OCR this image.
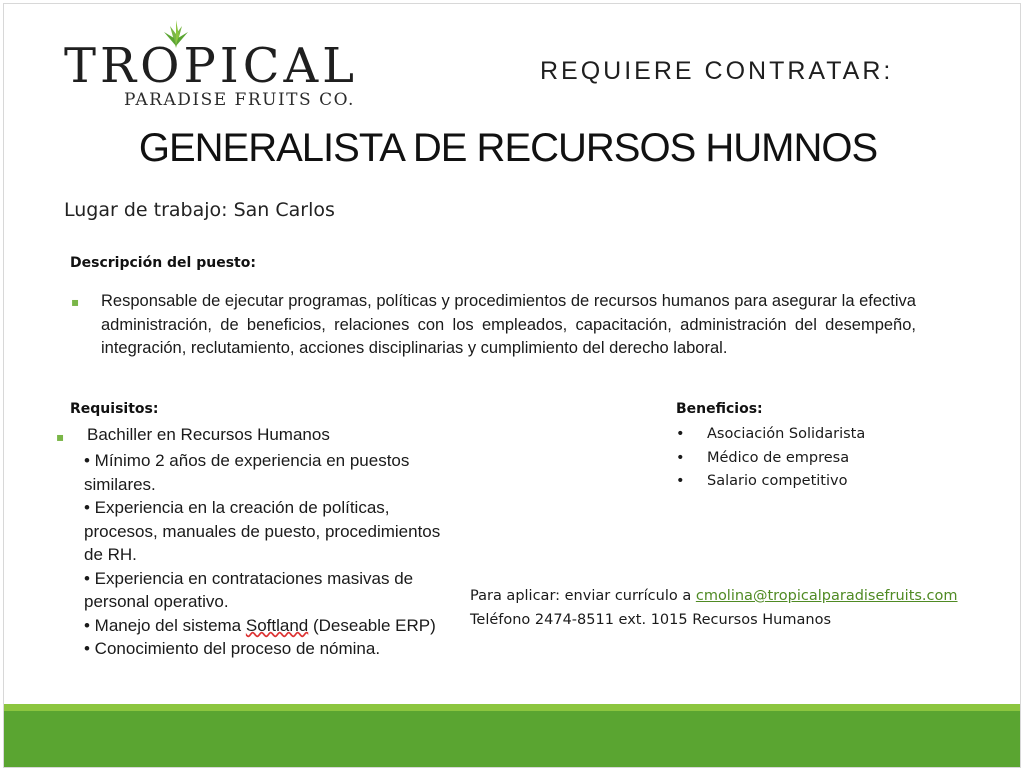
TROPICAL
PARADISE FRUITS CO.
REQUIERE CONTRATAR:
GENERALISTA DE RECURSOS HUMNOS
Lugar de trabajo: San Carlos
Descripción del puesto:
▪ Responsable de ejecutar programas, políticas y procedimientos de recursos humanos para asegurar la efectiva administración, de beneficios, relaciones con los empleados, capacitación, administración del desempeño, integración, reclutamiento, acciones disciplinarias y cumplimiento del derecho laboral.
Requisitos:
▪ Bachiller en Recursos Humanos
• Mínimo 2 años de experiencia en puestos similares.
• Experiencia en la creación de políticas, procesos, manuales de puesto, procedimientos de RH.
• Experiencia en contrataciones masivas de personal operativo.
• Manejo del sistema Softland (Deseable ERP)
• Conocimiento del proceso de nómina.
Beneficios:
•	Asociación Solidarista
•	Médico de empresa
•	Salario competitivo
Para aplicar: enviar currículo a cmolina@tropicalparadisefruits.com
Teléfono 2474-8511 ext. 1015 Recursos Humanos
